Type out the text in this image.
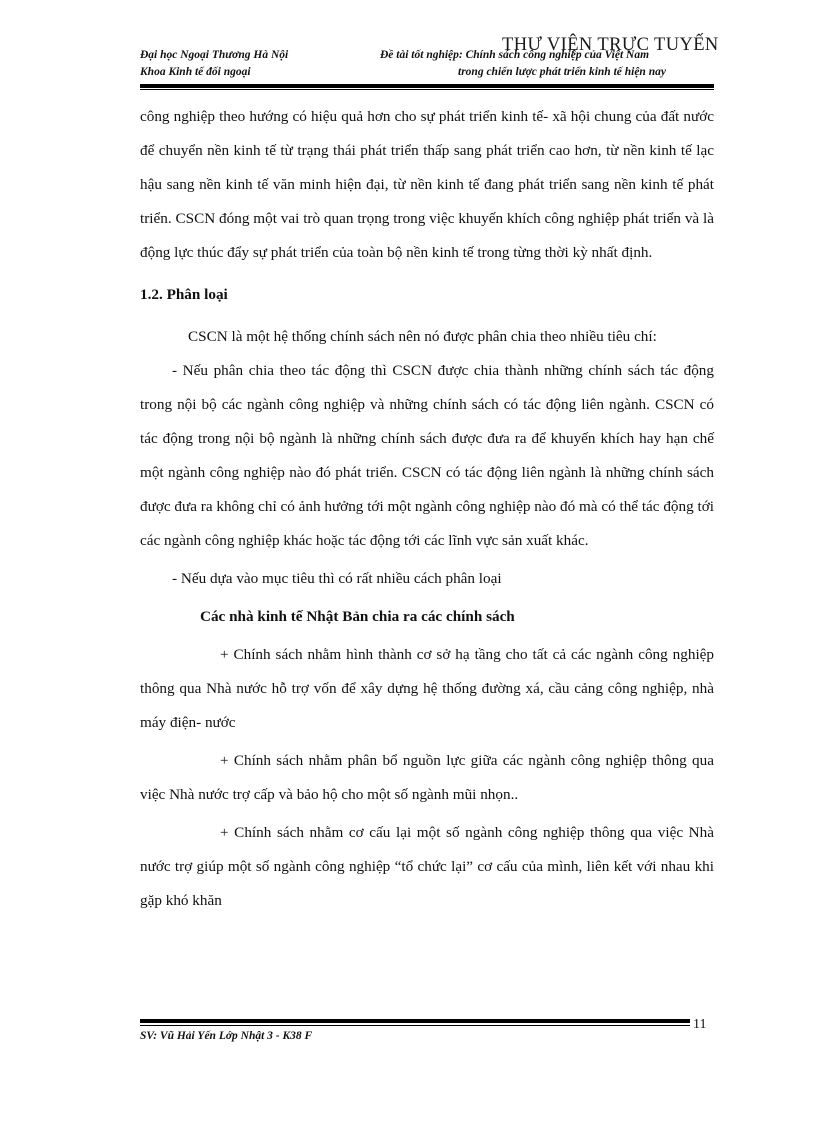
THƯ VIỆN TRỰC TUYẾN
Đại học Ngoại Thương Hà Nội
Khoa Kinh tế đối ngoại
Đề tài tốt nghiệp: Chính sách công nghiệp của Việt Nam
trong chiến lược phát triển kinh tế hiện nay

công nghiệp theo hướng có hiệu quả hơn cho sự phát triển kinh tế- xã hội chung của đất nước để chuyển nền kinh tế từ trạng thái phát triển thấp sang phát triển cao hơn, từ nền kinh tế lạc hậu sang nền kinh tế văn minh hiện đại, từ nền kinh tế đang phát triển sang nền kinh tế phát triển. CSCN đóng một vai trò quan trọng trong việc khuyến khích công nghiệp phát triển và là động lực thúc đẩy sự phát triển của toàn bộ nền kinh tế trong từng thời kỳ nhất định.

1.2. Phân loại

CSCN là một hệ thống chính sách nên nó được phân chia theo nhiều tiêu chí:

- Nếu phân chia theo tác động thì CSCN được chia thành những chính sách tác động trong nội bộ các ngành công nghiệp và những chính sách có tác động liên ngành. CSCN có tác động trong nội bộ ngành là những chính sách được đưa ra để khuyến khích hay hạn chế một ngành công nghiệp nào đó phát triển. CSCN có tác động liên ngành là những chính sách được đưa ra không chỉ có ảnh hưởng tới một ngành công nghiệp nào đó mà có thể tác động tới các ngành công nghiệp khác hoặc tác động tới các lĩnh vực sản xuất khác.

- Nếu dựa vào mục tiêu thì có rất nhiều cách phân loại

Các nhà kinh tế Nhật Bản chia ra các chính sách

+ Chính sách nhằm hình thành cơ sở hạ tầng cho tất cả các ngành công nghiệp thông qua Nhà nước hỗ trợ vốn để xây dựng hệ thống đường xá, cầu cảng công nghiệp, nhà máy điện- nước

+ Chính sách nhằm phân bổ nguồn lực giữa các ngành công nghiệp thông qua việc Nhà nước trợ cấp và bảo hộ cho một số ngành mũi nhọn..

+ Chính sách nhằm cơ cấu lại một số ngành công nghiệp thông qua việc Nhà nước trợ giúp một số ngành công nghiệp “tổ chức lại” cơ cấu của mình, liên kết với nhau khi gặp khó khăn

SV: Vũ Hải Yến Lớp Nhật 3 - K38 F
11
